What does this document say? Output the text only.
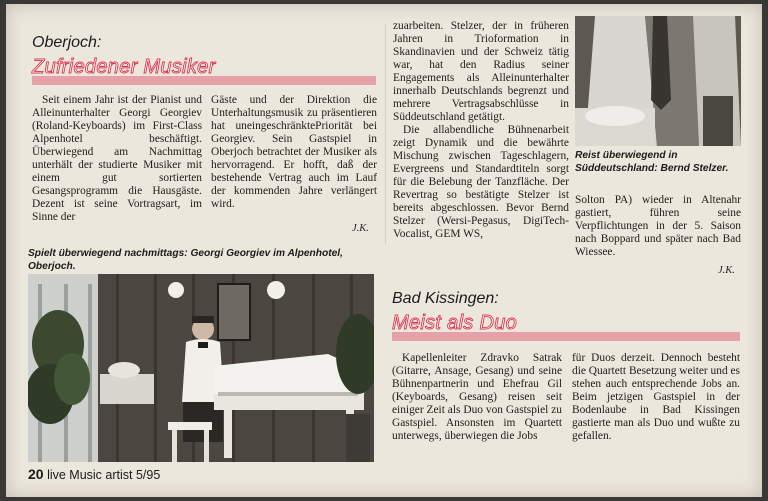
Oberjoch:
Zufriedener Musiker
Seit einem Jahr ist der Pianist und Alleinunterhalter Georgi Georgiev (Roland-Keyboards) im First-Class Alpenhotel beschäftigt. Überwiegend am Nachmittag unterhält der studierte Musiker mit einem gut sortierten Gesangsprogramm die Hausgäste. Dezent ist seine Vortragsart, im Sinne der
Gäste und der Direktion die Unterhaltungsmusik zu präsentieren hat uneingeschränktePriorität bei Georgiev. Sein Gastspiel in Oberjoch betrachtet der Musiker als hervorragend. Er hofft, daß der bestehende Vertrag auch im Lauf der kommenden Jahre verlängert wird.
J.K.
Spielt überwiegend nachmittags: Georgi Georgiev im Alpenhotel, Oberjoch.
zuarbeiten. Stelzer, der in früheren Jahren in Trioformation in Skandinavien und der Schweiz tätig war, hat den Radius seiner Engagements als Alleinunterhalter innerhalb Deutschlands begrenzt und mehrere Vertragsabschlüsse in Süddeutschland getätigt.
Die allabendliche Bühnenarbeit zeigt Dynamik und die bewährte Mischung zwischen Tageschlagern, Evergreens und Standardtiteln sorgt für die Belebung der Tanzfläche. Der Revertrag so bestätigte Stelzer ist bereits abgeschlossen. Bevor Bernd Stelzer (Wersi-Pegasus, DigiTech-Vocalist, GEM WS,
Reist überwiegend in Süddeutschland: Bernd Stelzer.
Solton PA) wieder in Altenahr gastiert, führen seine Verpflichtungen in der 5. Saison nach Boppard und später nach Bad Wiessee.
J.K.
Bad Kissingen:
Meist als Duo
Kapellenleiter Zdravko Satrak (Gitarre, Ansage, Gesang) und seine Bühnenpartnerin und Ehefrau Gil (Keyboards, Gesang) reisen seit einiger Zeit als Duo von Gastspiel zu Gastspiel. Ansonsten im Quartett unterwegs, überwiegen die Jobs
für Duos derzeit. Dennoch besteht die Quartett Besetzung weiter und es stehen auch entsprechende Jobs an. Beim jetzigen Gastspiel in der Bodenlaube in Bad Kissingen gastierte man als Duo und wußte zu gefallen.
20 live Music artist 5/95
